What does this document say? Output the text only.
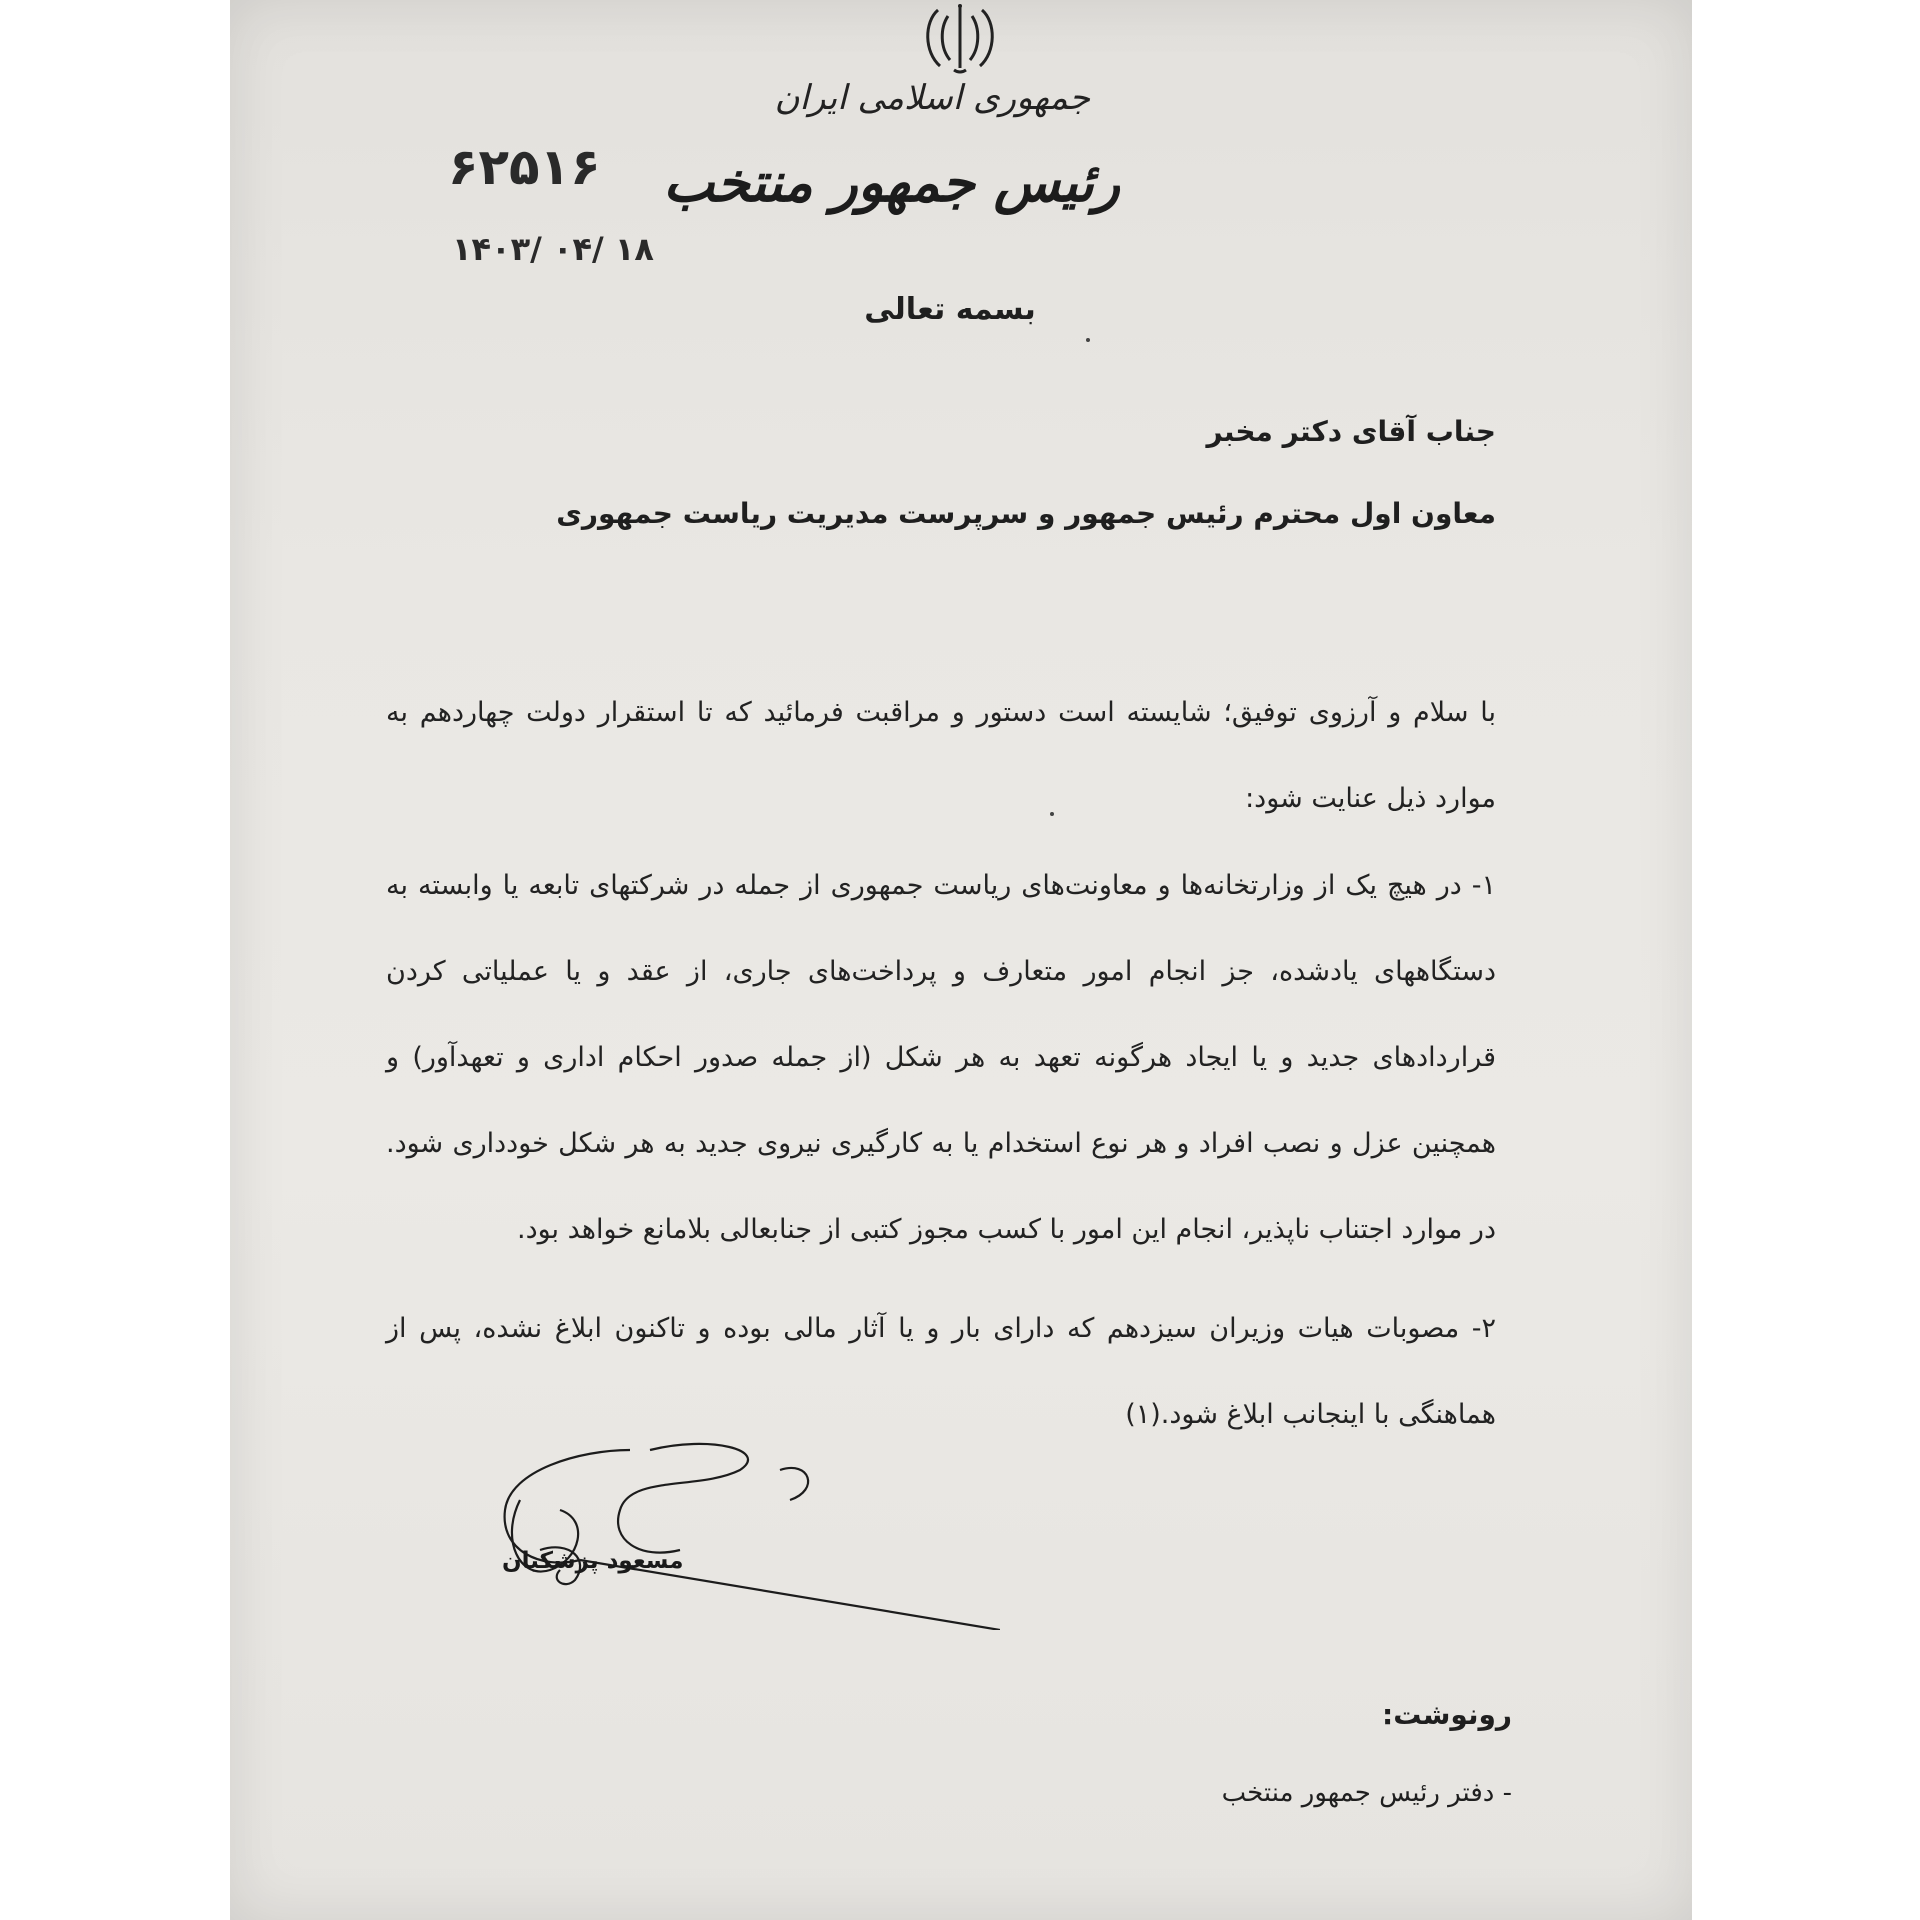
جمهوری اسلامی ایران
رئیس جمهور منتخب
۶۲۵۱۶
۱۴۰۳/ ۰۴/ ۱۸
بسمه تعالی
جناب آقای دکتر مخبر
معاون اول محترم رئیس جمهور و سرپرست مدیریت ریاست جمهوری
با سلام و آرزوی توفیق؛ شایسته است دستور و مراقبت فرمائید که تا استقرار دولت چهاردهم به موارد ذیل عنایت شود:
۱- در هیچ یک از وزارتخانه‌ها و معاونت‌های ریاست جمهوری از جمله در شرکتهای تابعه یا وابسته به دستگاههای یادشده، جز انجام امور متعارف و پرداخت‌های جاری، از عقد و یا عملیاتی کردن قراردادهای جدید و یا ایجاد هرگونه تعهد به هر شکل (از جمله صدور احکام اداری و تعهدآور) و همچنین عزل و نصب افراد و هر نوع استخدام یا به کارگیری نیروی جدید به هر شکل خودداری شود. در موارد اجتناب ناپذیر، انجام این امور با کسب مجوز کتبی از جنابعالی بلامانع خواهد بود.
۲- مصوبات هیات وزیران سیزدهم که دارای بار و یا آثار مالی بوده و تاکنون ابلاغ نشده، پس از هماهنگی با اینجانب ابلاغ شود.(۱)
مسعود پزشکیان
رونوشت:
- دفتر رئیس جمهور منتخب
